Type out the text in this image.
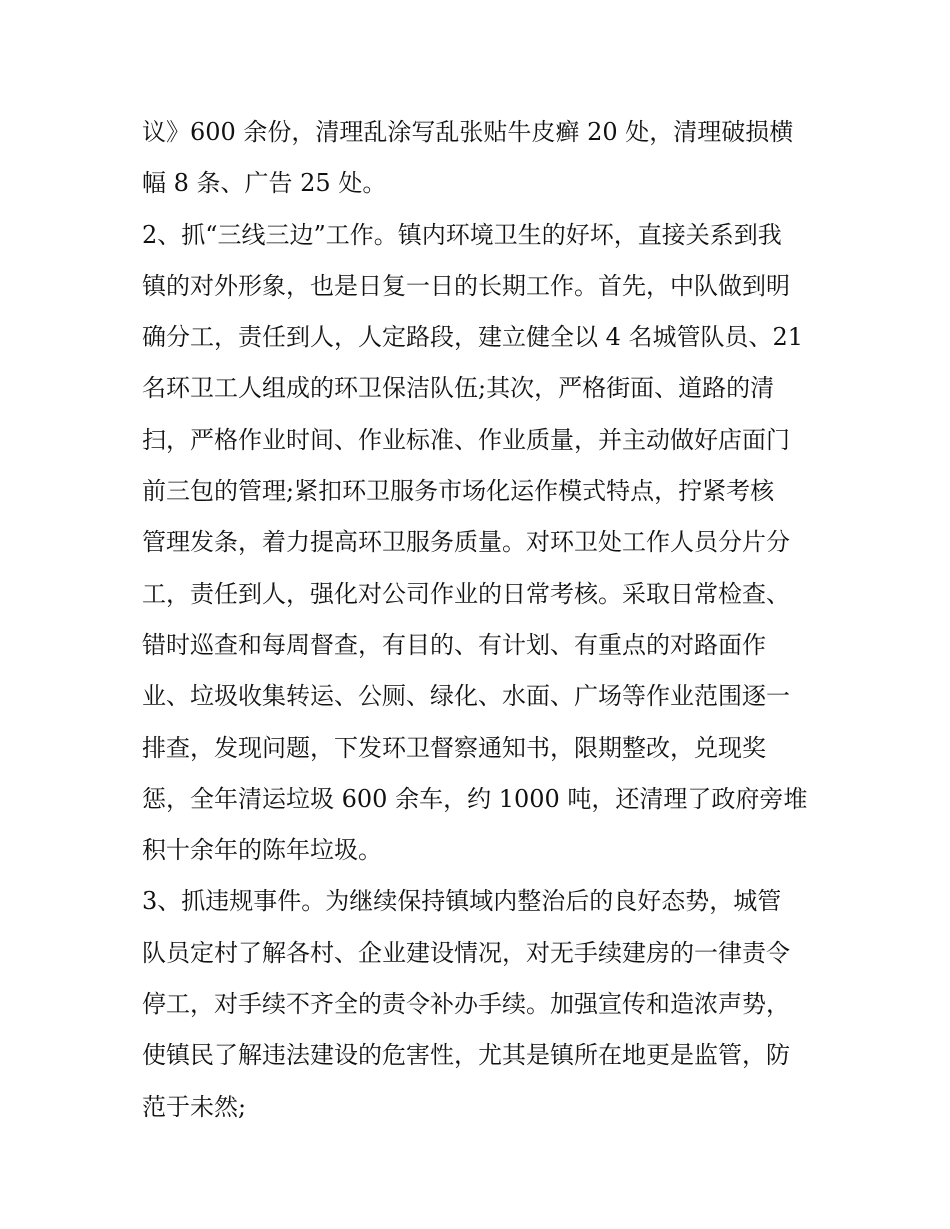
议》600 余份，清理乱涂写乱张贴牛皮癣 20 处，清理破损横
幅 8 条、广告 25 处。
2、抓“三线三边”工作。镇内环境卫生的好坏，直接关系到我
镇的对外形象，也是日复一日的长期工作。首先，中队做到明
确分工，责任到人，人定路段，建立健全以 4 名城管队员、21
名环卫工人组成的环卫保洁队伍;其次，严格街面、道路的清
扫，严格作业时间、作业标准、作业质量，并主动做好店面门
前三包的管理;紧扣环卫服务市场化运作模式特点，拧紧考核
管理发条，着力提高环卫服务质量。对环卫处工作人员分片分
工，责任到人，强化对公司作业的日常考核。采取日常检查、
错时巡查和每周督查，有目的、有计划、有重点的对路面作
业、垃圾收集转运、公厕、绿化、水面、广场等作业范围逐一
排查，发现问题，下发环卫督察通知书，限期整改，兑现奖
惩，全年清运垃圾 600 余车，约 1000 吨，还清理了政府旁堆
积十余年的陈年垃圾。
3、抓违规事件。为继续保持镇域内整治后的良好态势，城管
队员定村了解各村、企业建设情况，对无手续建房的一律责令
停工，对手续不齐全的责令补办手续。加强宣传和造浓声势，
使镇民了解违法建设的危害性，尤其是镇所在地更是监管，防
范于未然;
